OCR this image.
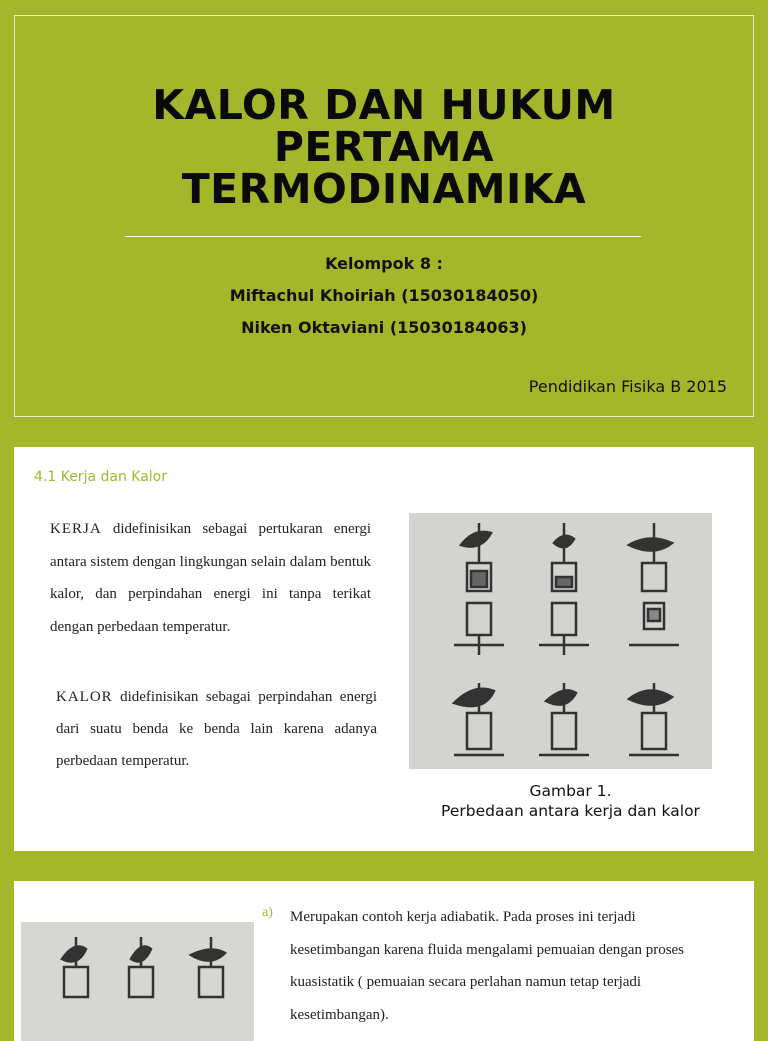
KALOR DAN HUKUM
PERTAMA
TERMODINAMIKA
Kelompok 8 :
Miftachul Khoiriah (15030184050)
Niken Oktaviani (15030184063)
Pendidikan Fisika B 2015
4.1 Kerja dan Kalor
KERJA didefinisikan sebagai pertukaran energi antara sistem dengan lingkungan selain dalam bentuk kalor, dan perpindahan energi ini tanpa terikat dengan perbedaan temperatur.
KALOR didefinisikan sebagai perpindahan energi dari suatu benda ke benda lain karena adanya perbedaan temperatur.
Gambar 1.
Perbedaan antara kerja dan kalor
a) Merupakan contoh kerja adiabatik. Pada proses ini terjadi kesetimbangan karena fluida mengalami pemuaian dengan proses kuasistatik ( pemuaian secara perlahan namun tetap terjadi kesetimbangan).
